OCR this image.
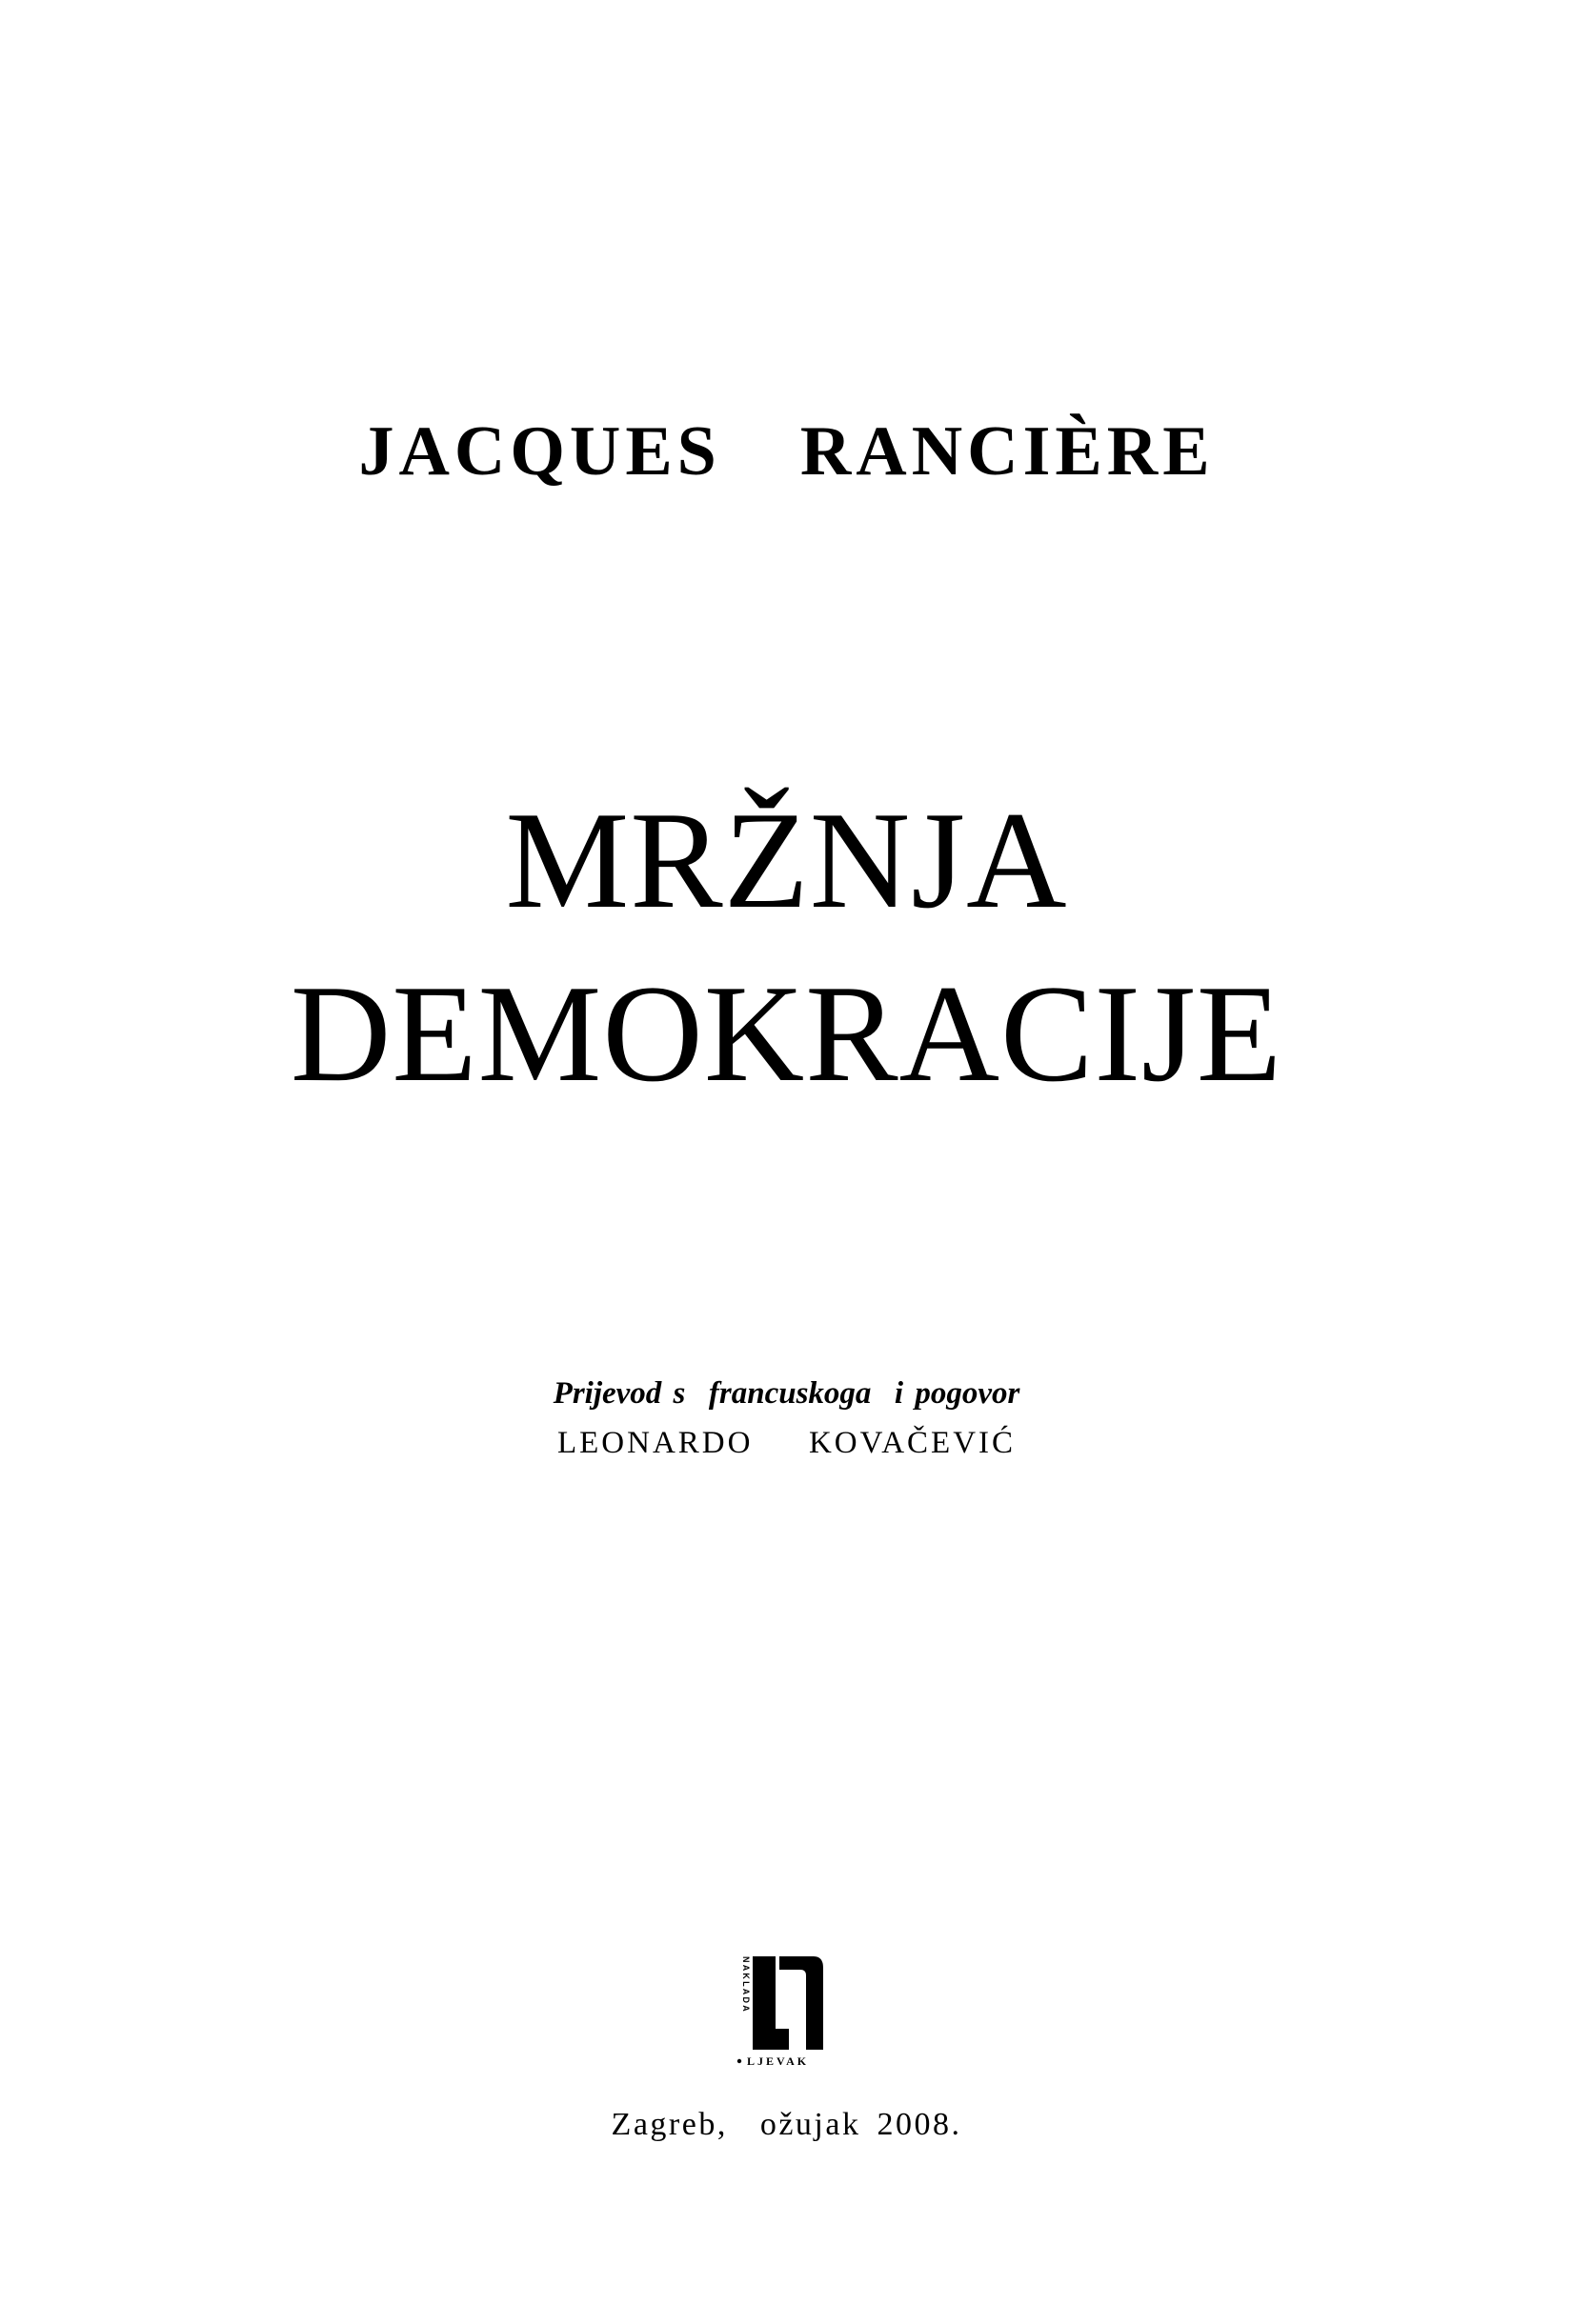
JACQUES  RANCIÈRE
MRŽNJA
DEMOKRACIJE
Prijevod s  francuskoga  i pogovor
LEONARDO  KOVAČEVIĆ
NAKLADA
LJEVAK
Zagreb,  ožujak 2008.
